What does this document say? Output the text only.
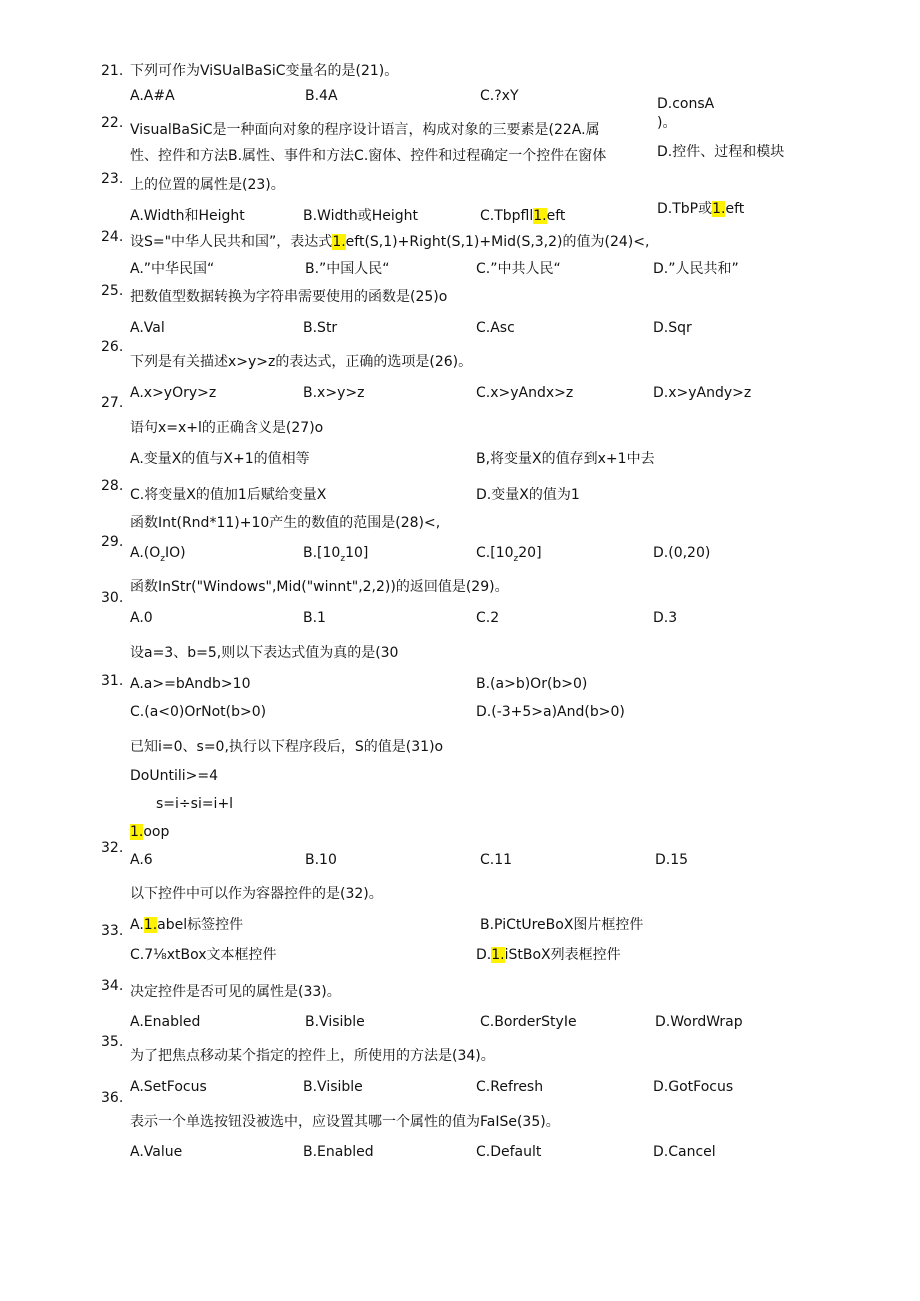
21. 下列可作为ViSUalBaSiC变量名的是(21)。
A.A#A	B.4A	C.?xY	D.consA
)。
22. VisualBaSiC是一种面向对象的程序设计语言，构成对象的三要素是(22A.属
性、控件和方法B.属性、事件和方法C.窗体、控件和过程确定一个控件在窗体	D.控件、过程和模块
23. 上的位置的属性是(23)。
A.Width和Height	B.Width或Height	C.Tbpfll1.eft	D.TbP或1.eft
24. 设S="中华人民共和国”，表达式1.eft(S,1)+Right(S,1)+Mid(S,3,2)的值为(24)<,
A.”中华民国“	B.”中国人民“	C.”中共人民“	D.”人民共和”
25. 把数值型数据转换为字符串需要使用的函数是(25)o
A.Val	B.Str	C.Asc	D.Sqr
26.
下列是有关描述x>y>z的表达式，正确的选项是(26)。
A.x>yOry>z	B.x>y>z	C.x>yAndx>z	D.x>yAndy>z
27.
语句x=x+l的正确含义是(27)o
A.变量X的值与X+1的值相等	B,将变量X的值存到x+1中去
28.
C.将变量X的值加1后赋给变量X	D.变量X的值为1
函数Int(Rnd*11)+10产生的数值的范围是(28)<,
29.
$A.(O_zIO)$	$B.[10_z10]$	$C.[10_z20]$	D.(0,20)
函数InStr("Windows",Mid("winnt",2,2))的返回值是(29)。
30.
A.0	B.1	C.2	D.3
设a=3、b=5,则以下表达式值为真的是(30
31. A.a>=bAndb>10	B.(a>b)Or(b>0)
C.(a<0)OrNot(b>0)	D.(-3+5>a)And(b>0)
已知i=0、s=0,执行以下程序段后，S的值是(31)o
DoUntili>=4
s=i÷si=i+l
1.oop
32.
A.6	B.10	C.11	D.15
以下控件中可以作为容器控件的是(32)。
33. A.1.abel标签控件	B.PiCtUreBoX图片框控件
C.7⅛xtBox文本框控件	D.1.iStBoX列表框控件
34. 决定控件是否可见的属性是(33)。
A.Enabled	B.Visible	C.BorderStyIe	D.WordWrap
35.
为了把焦点移动某个指定的控件上，所使用的方法是(34)。
A.SetFocus	B.Visible	C.Refresh	D.GotFocus
36.
表示一个单选按钮没被选中，应设置其哪一个属性的值为FaISe(35)。
A.Value	B.Enabled	C.Default	D.Cancel
